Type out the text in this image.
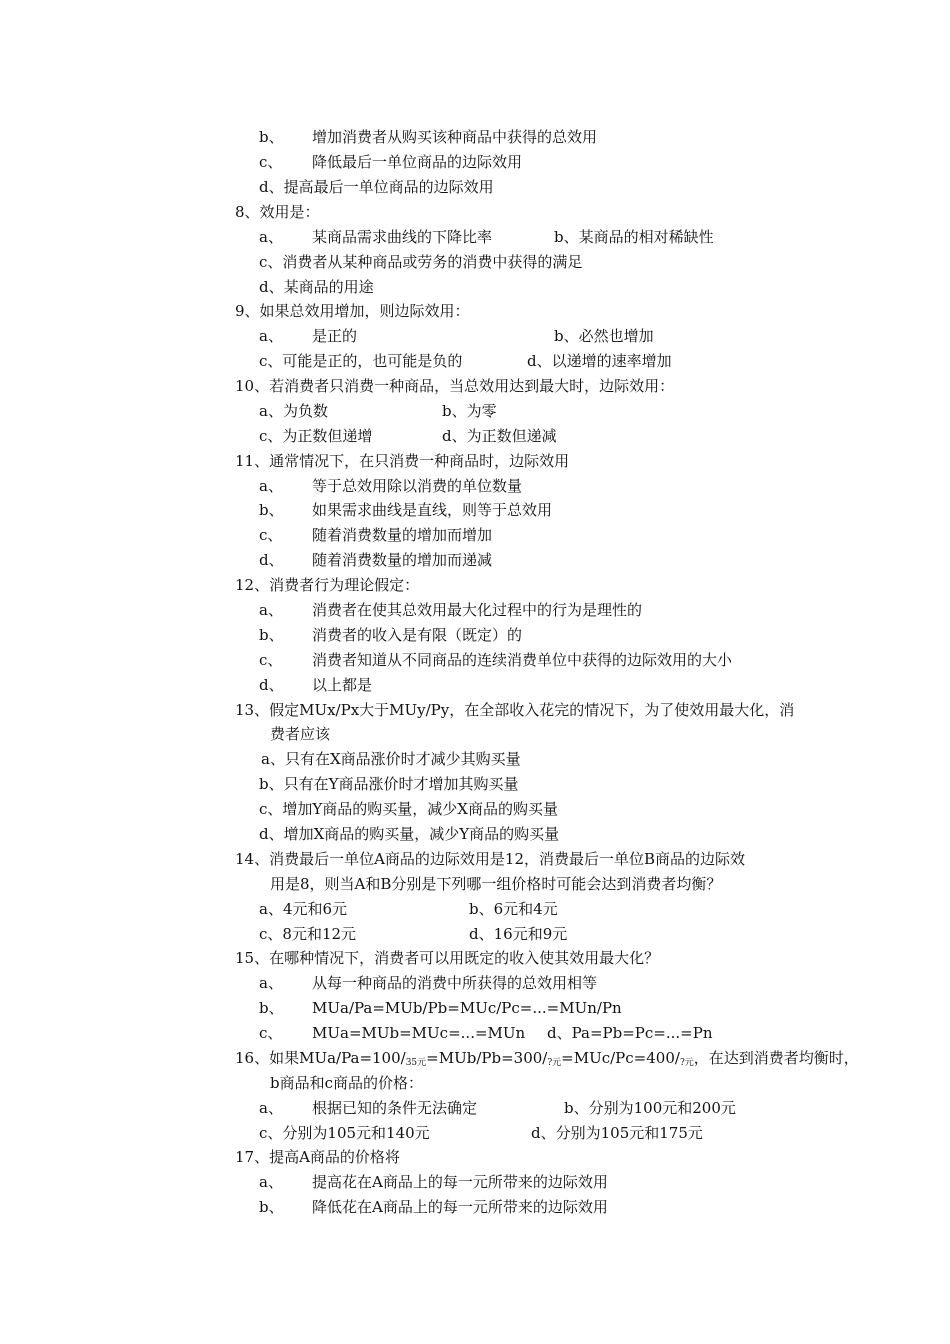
b、 增加消费者从购买该种商品中获得的总效用
c、 降低最后一单位商品的边际效用
d、提高最后一单位商品的边际效用
8、效用是：
a、 某商品需求曲线的下降比率	b、某商品的相对稀缺性
c、消费者从某种商品或劳务的消费中获得的满足
d、某商品的用途
9、如果总效用增加，则边际效用：
a、 是正的	b、必然也增加
c、可能是正的，也可能是负的	d、以递增的速率增加
10、若消费者只消费一种商品，当总效用达到最大时，边际效用：
a、为负数	b、为零
c、为正数但递增	d、为正数但递减
11、通常情况下，在只消费一种商品时，边际效用
a、 等于总效用除以消费的单位数量
b、 如果需求曲线是直线，则等于总效用
c、 随着消费数量的增加而增加
d、 随着消费数量的增加而递减
12、消费者行为理论假定：
a、 消费者在使其总效用最大化过程中的行为是理性的
b、 消费者的收入是有限（既定）的
c、 消费者知道从不同商品的连续消费单位中获得的边际效用的大小
d、 以上都是
13、假定MUx/Px大于MUy/Py，在全部收入花完的情况下，为了使效用最大化，消
费者应该
a、只有在X商品涨价时才减少其购买量
b、只有在Y商品涨价时才增加其购买量
c、增加Y商品的购买量，减少X商品的购买量
d、增加X商品的购买量，减少Y商品的购买量
14、消费最后一单位A商品的边际效用是12，消费最后一单位B商品的边际效
用是8，则当A和B分别是下列哪一组价格时可能会达到消费者均衡？
a、4元和6元	b、6元和4元
c、8元和12元	d、16元和9元
15、在哪种情况下，消费者可以用既定的收入使其效用最大化？
a、 从每一种商品的消费中所获得的总效用相等
b、 MUa/Pa=MUb/Pb=MUc/Pc=...=MUn/Pn
c、 MUa=MUb=MUc=...=MUn d、Pa=Pb=Pc=...=Pn
16、如果MUa/$Pa=100/_{35元}=MUb/Pb=300/_{?元}=MUc/Pc=400/_{?元}$，在达到消费者均衡时，
b商品和c商品的价格：
a、 根据已知的条件无法确定	b、分别为100元和200元
c、分别为105元和140元	d、分别为105元和175元
17、提高A商品的价格将
a、 提高花在A商品上的每一元所带来的边际效用
b、 降低花在A商品上的每一元所带来的边际效用
